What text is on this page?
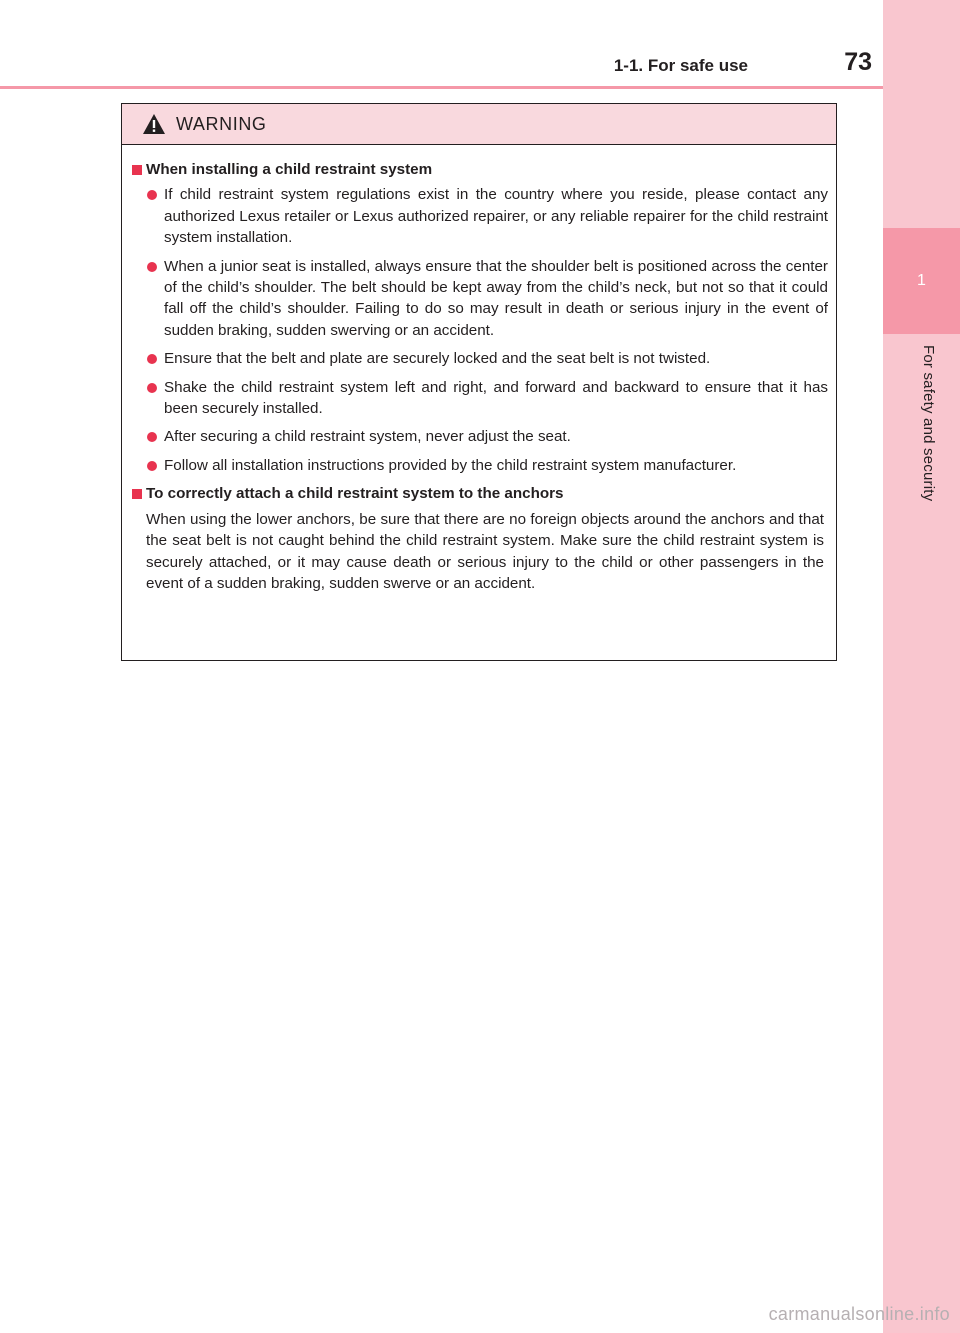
1
For safety and security
1-1. For safe use	73
WARNING
When installing a child restraint system
If child restraint system regulations exist in the country where you reside, please contact any authorized Lexus retailer or Lexus authorized repairer, or any reliable repairer for the child restraint system installation.
When a junior seat is installed, always ensure that the shoulder belt is positioned across the center of the child’s shoulder. The belt should be kept away from the child’s neck, but not so that it could fall off the child’s shoulder. Failing to do so may result in death or serious injury in the event of sudden braking, sudden swerving or an accident.
Ensure that the belt and plate are securely locked and the seat belt is not twisted.
Shake the child restraint system left and right, and forward and backward to ensure that it has been securely installed.
After securing a child restraint system, never adjust the seat.
Follow all installation instructions provided by the child restraint system manufacturer.
To correctly attach a child restraint system to the anchors
When using the lower anchors, be sure that there are no foreign objects around the anchors and that the seat belt is not caught behind the child restraint system. Make sure the child restraint system is securely attached, or it may cause death or serious injury to the child or other passengers in the event of a sudden braking, sudden swerve or an accident.
carmanualsonline.info
